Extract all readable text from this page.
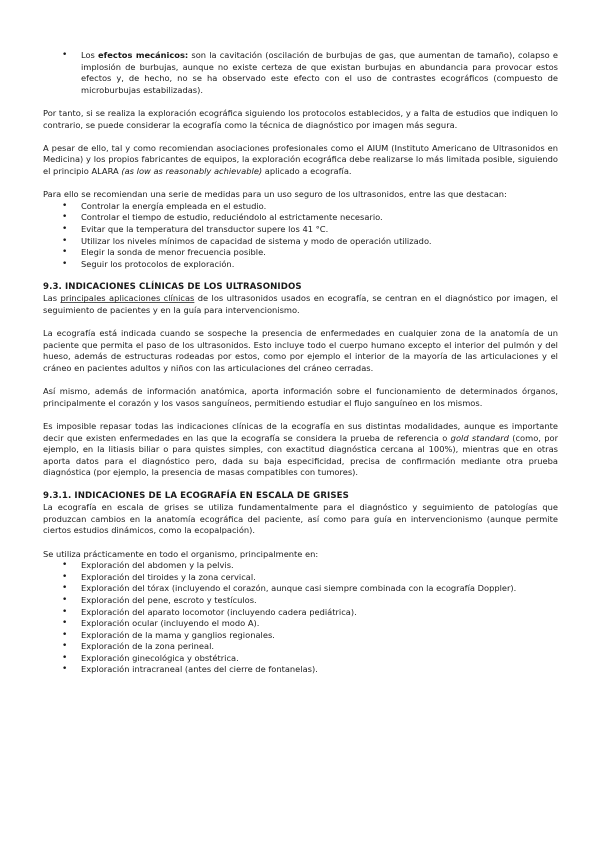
• Los efectos mecánicos: son la cavitación (oscilación de burbujas de gas, que aumentan de tamaño), colapso e implosión de burbujas, aunque no existe certeza de que existan burbujas en abundancia para provocar estos efectos y, de hecho, no se ha observado este efecto con el uso de contrastes ecográficos (compuesto de microburbujas estabilizadas).

Por tanto, si se realiza la exploración ecográfica siguiendo los protocolos establecidos, y a falta de estudios que indiquen lo contrario, se puede considerar la ecografía como la técnica de diagnóstico por imagen más segura.

A pesar de ello, tal y como recomiendan asociaciones profesionales como el AIUM (Instituto Americano de Ultrasonidos en Medicina) y los propios fabricantes de equipos, la exploración ecográfica debe realizarse lo más limitada posible, siguiendo el principio ALARA (as low as reasonably achievable) aplicado a ecografía.

Para ello se recomiendan una serie de medidas para un uso seguro de los ultrasonidos, entre las que destacan:

• Controlar la energía empleada en el estudio.
• Controlar el tiempo de estudio, reduciéndolo al estrictamente necesario.
• Evitar que la temperatura del transductor supere los 41 °C.
• Utilizar los niveles mínimos de capacidad de sistema y modo de operación utilizado.
• Elegir la sonda de menor frecuencia posible.
• Seguir los protocolos de exploración.
9.3. INDICACIONES CLÍNICAS DE LOS ULTRASONIDOS

Las principales aplicaciones clínicas de los ultrasonidos usados en ecografía, se centran en el diagnóstico por imagen, el seguimiento de pacientes y en la guía para intervencionismo.

La ecografía está indicada cuando se sospeche la presencia de enfermedades en cualquier zona de la anatomía de un paciente que permita el paso de los ultrasonidos. Esto incluye todo el cuerpo humano excepto el interior del pulmón y del hueso, además de estructuras rodeadas por estos, como por ejemplo el interior de la mayoría de las articulaciones y el cráneo en pacientes adultos y niños con las articulaciones del cráneo cerradas.

Así mismo, además de información anatómica, aporta información sobre el funcionamiento de determinados órganos, principalmente el corazón y los vasos sanguíneos, permitiendo estudiar el flujo sanguíneo en los mismos.

Es imposible repasar todas las indicaciones clínicas de la ecografía en sus distintas modalidades, aunque es importante decir que existen enfermedades en las que la ecografía se considera la prueba de referencia o gold standard (como, por ejemplo, en la litiasis biliar o para quistes simples, con exactitud diagnóstica cercana al 100%), mientras que en otras aporta datos para el diagnóstico pero, dada su baja especificidad, precisa de confirmación mediante otra prueba diagnóstica (por ejemplo, la presencia de masas compatibles con tumores).

9.3.1. INDICACIONES DE LA ECOGRAFÍA EN ESCALA DE GRISES

La ecografía en escala de grises se utiliza fundamentalmente para el diagnóstico y seguimiento de patologías que produzcan cambios en la anatomía ecográfica del paciente, así como para guía en intervencionismo (aunque permite ciertos estudios dinámicos, como la ecopalpación).

Se utiliza prácticamente en todo el organismo, principalmente en:

• Exploración del abdomen y la pelvis.
• Exploración del tiroides y la zona cervical.
• Exploración del tórax (incluyendo el corazón, aunque casi siempre combinada con la ecografía Doppler).
• Exploración del pene, escroto y testículos.
• Exploración del aparato locomotor (incluyendo cadera pediátrica).
• Exploración ocular (incluyendo el modo A).
• Exploración de la mama y ganglios regionales.
• Exploración de la zona perineal.
• Exploración ginecológica y obstétrica.
• Exploración intracraneal (antes del cierre de fontanelas).
